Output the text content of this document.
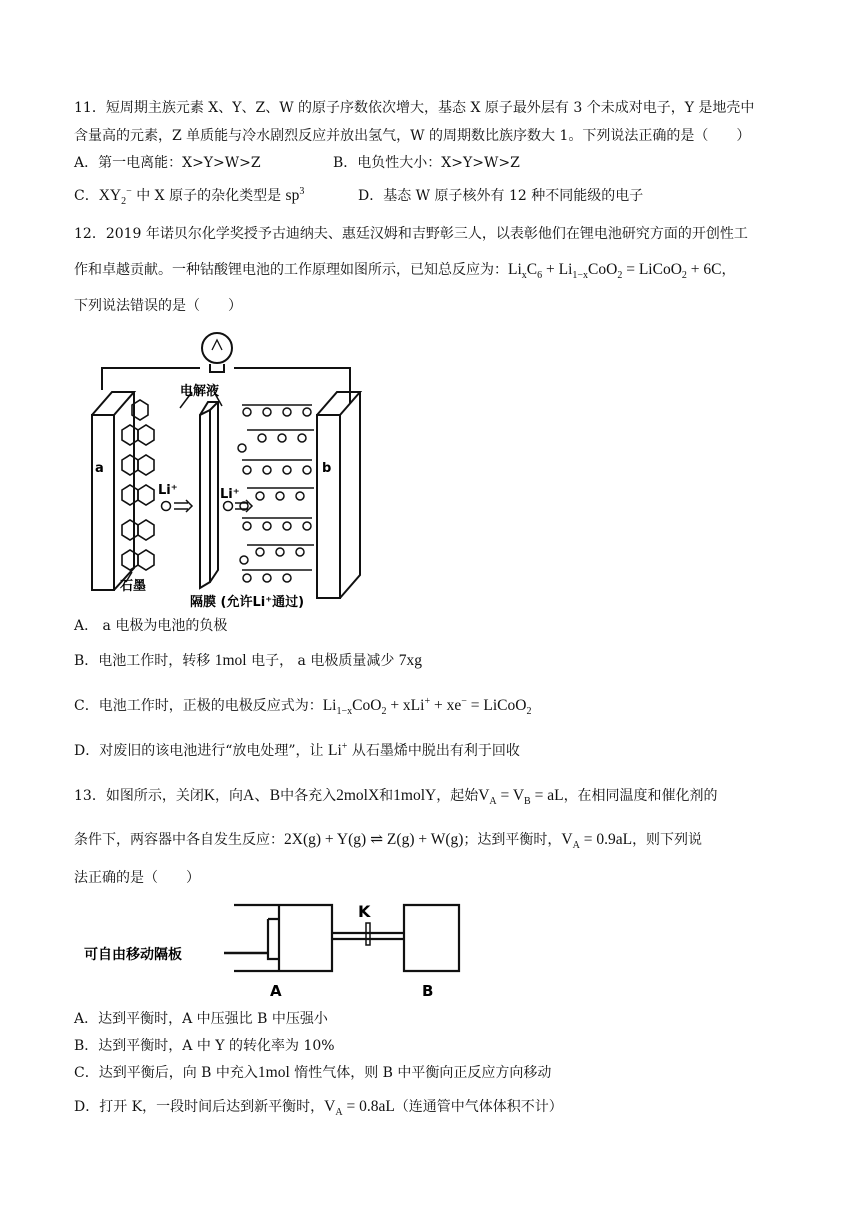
11．短周期主族元素 X、Y、Z、W 的原子序数依次增大，基态 X 原子最外层有 3 个未成对电子，Y 是地壳中
含量高的元素，Z 单质能与冷水剧烈反应并放出氢气，W 的周期数比族序数大 1。下列说法正确的是（　　）
A．第一电离能：X>Y>W>Z	B．电负性大小：X>Y>W>Z
C．$XY_2^-$ 中 X 原子的杂化类型是 $sp^3$	D．基态 W 原子核外有 12 种不同能级的电子
12．2019 年诺贝尔化学奖授予古迪纳夫、惠廷汉姆和吉野彰三人，以表彰他们在锂电池研究方面的开创性工
作和卓越贡献。一种钴酸锂电池的工作原理如图所示，已知总反应为：$Li_xC_6 + Li_{1-x}CoO_2$ = LiCoO$_2$ + 6C，
下列说法错误的是（　　）
电解液
a	b
Li⁺	Li⁺
石墨
隔膜 (允许Li⁺通过)
A． a 电极为电池的负极
B．电池工作时，转移 1mol 电子， a 电极质量减少 7xg
C．电池工作时，正极的电极反应式为：$Li_{1-x}CoO_2 + xLi^+ + xe^-$ = LiCoO$_2$
D．对废旧的该电池进行“放电处理”，让 Li+ 从石墨烯中脱出有利于回收
13．如图所示，关闭K，向A、B中各充入2molX和1molY，起始$V_A = V_B$ = aL，在相同温度和催化剂的
条件下，两容器中各自发生反应：2X(g) + Y(g) ⇌ Z(g) + W(g)；达到平衡时，$V_A = 0.9aL$，则下列说
法正确的是（　　）
可自由移动隔板
K
A	B
A．达到平衡时，A 中压强比 B 中压强小
B．达到平衡时，A 中 Y 的转化率为 10%
C．达到平衡后，向 B 中充入1mol 惰性气体，则 B 中平衡向正反应方向移动
D．打开 K，一段时间后达到新平衡时，$V_A = 0.8aL$（连通管中气体体积不计）
